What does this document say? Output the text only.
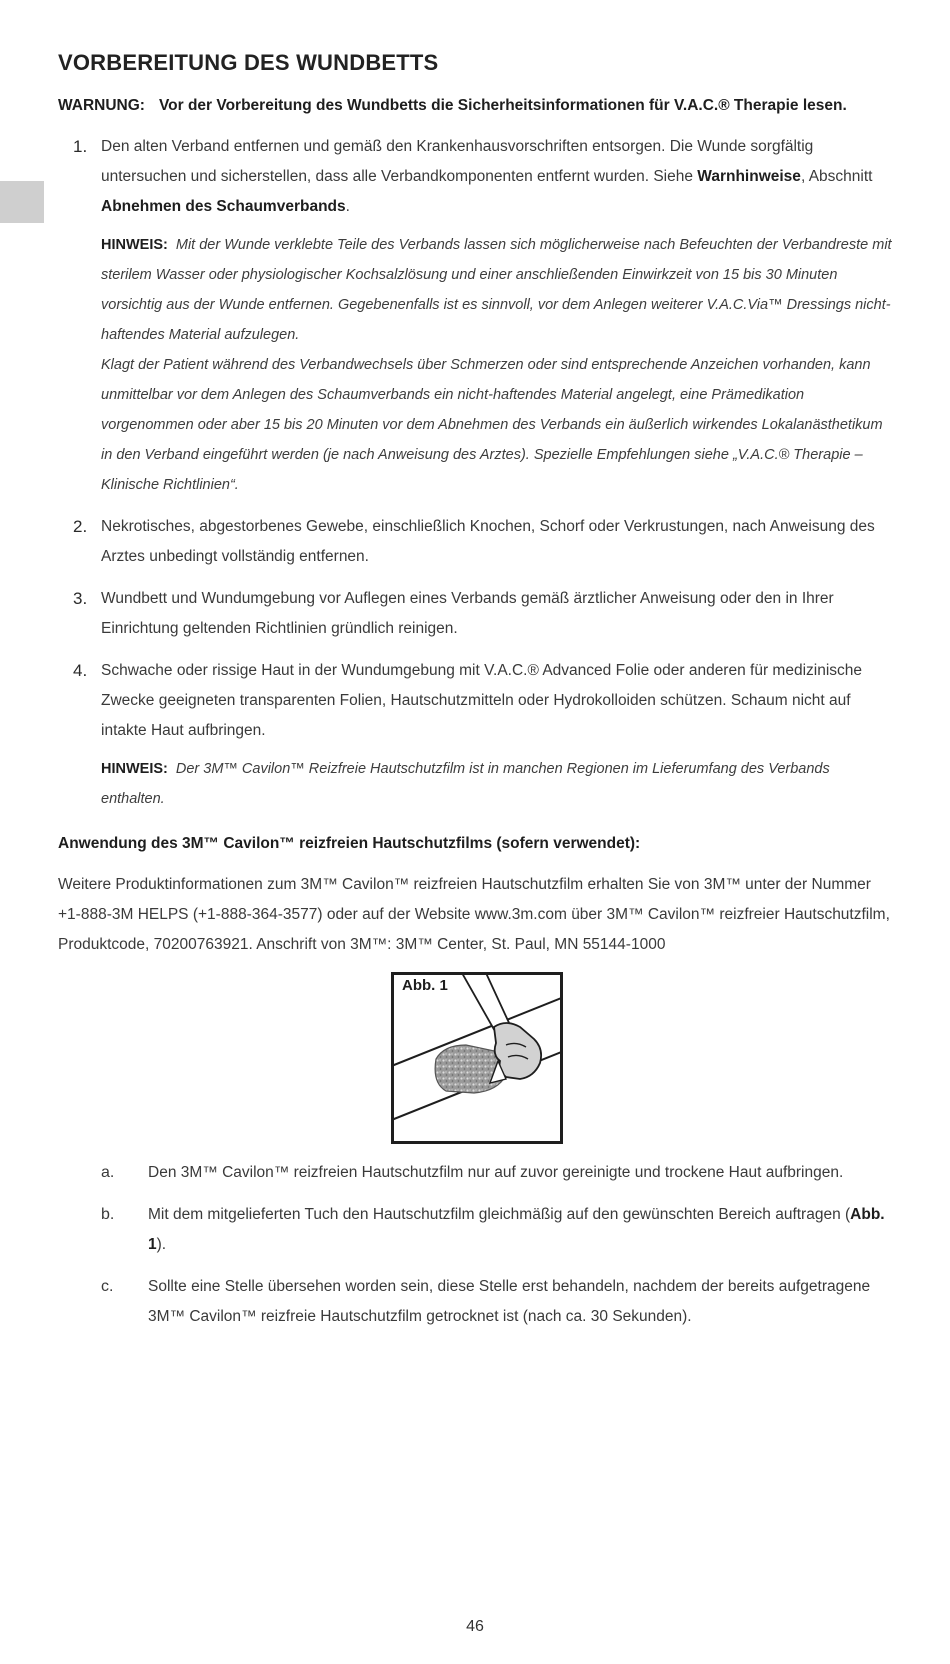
VORBEREITUNG DES WUNDBETTS
WARNUNG: Vor der Vorbereitung des Wundbetts die Sicherheitsinformationen für V.A.C.® Therapie lesen.
1. Den alten Verband entfernen und gemäß den Krankenhausvorschriften entsorgen. Die Wunde sorgfältig untersuchen und sicherstellen, dass alle Verbandkomponenten entfernt wurden. Siehe Warnhinweise, Abschnitt Abnehmen des Schaumverbands.

HINWEIS: Mit der Wunde verklebte Teile des Verbands lassen sich möglicherweise nach Befeuchten der Verbandreste mit sterilem Wasser oder physiologischer Kochsalzlösung und einer anschließenden Einwirkzeit von 15 bis 30 Minuten vorsichtig aus der Wunde entfernen. Gegebenenfalls ist es sinnvoll, vor dem Anlegen weiterer V.A.C.Via™ Dressings nicht-haftendes Material aufzulegen.

Klagt der Patient während des Verbandwechsels über Schmerzen oder sind entsprechende Anzeichen vorhanden, kann unmittelbar vor dem Anlegen des Schaumverbands ein nicht-haftendes Material angelegt, eine Prämedikation vorgenommen oder aber 15 bis 20 Minuten vor dem Abnehmen des Verbands ein äußerlich wirkendes Lokalanästhetikum in den Verband eingeführt werden (je nach Anweisung des Arztes). Spezielle Empfehlungen siehe „V.A.C.® Therapie – Klinische Richtlinien“.

2. Nekrotisches, abgestorbenes Gewebe, einschließlich Knochen, Schorf oder Verkrustungen, nach Anweisung des Arztes unbedingt vollständig entfernen.
3. Wundbett und Wundumgebung vor Auflegen eines Verbands gemäß ärztlicher Anweisung oder den in Ihrer Einrichtung geltenden Richtlinien gründlich reinigen.
4. Schwache oder rissige Haut in der Wundumgebung mit V.A.C.® Advanced Folie oder anderen für medizinische Zwecke geeigneten transparenten Folien, Hautschutzmitteln oder Hydrokolloiden schützen. Schaum nicht auf intakte Haut aufbringen.

HINWEIS: Der 3M™ Cavilon™ Reizfreie Hautschutzfilm ist in manchen Regionen im Lieferumfang des Verbands enthalten.

Anwendung des 3M™ Cavilon™ reizfreien Hautschutzfilms (sofern verwendet):

Weitere Produktinformationen zum 3M™ Cavilon™ reizfreien Hautschutzfilm erhalten Sie von 3M™ unter der Nummer +1-888-3M HELPS (+1-888-364-3577) oder auf der Website www.3m.com über 3M™ Cavilon™ reizfreier Hautschutzfilm, Produktcode, 70200763921. Anschrift von 3M™: 3M™ Center, St. Paul, MN 55144-1000

Abb. 1
a. Den 3M™ Cavilon™ reizfreien Hautschutzfilm nur auf zuvor gereinigte und trockene Haut aufbringen.
b. Mit dem mitgelieferten Tuch den Hautschutzfilm gleichmäßig auf den gewünschten Bereich auftragen (Abb. 1).
c. Sollte eine Stelle übersehen worden sein, diese Stelle erst behandeln, nachdem der bereits aufgetragene 3M™ Cavilon™ reizfreie Hautschutzfilm getrocknet ist (nach ca. 30 Sekunden).
46
